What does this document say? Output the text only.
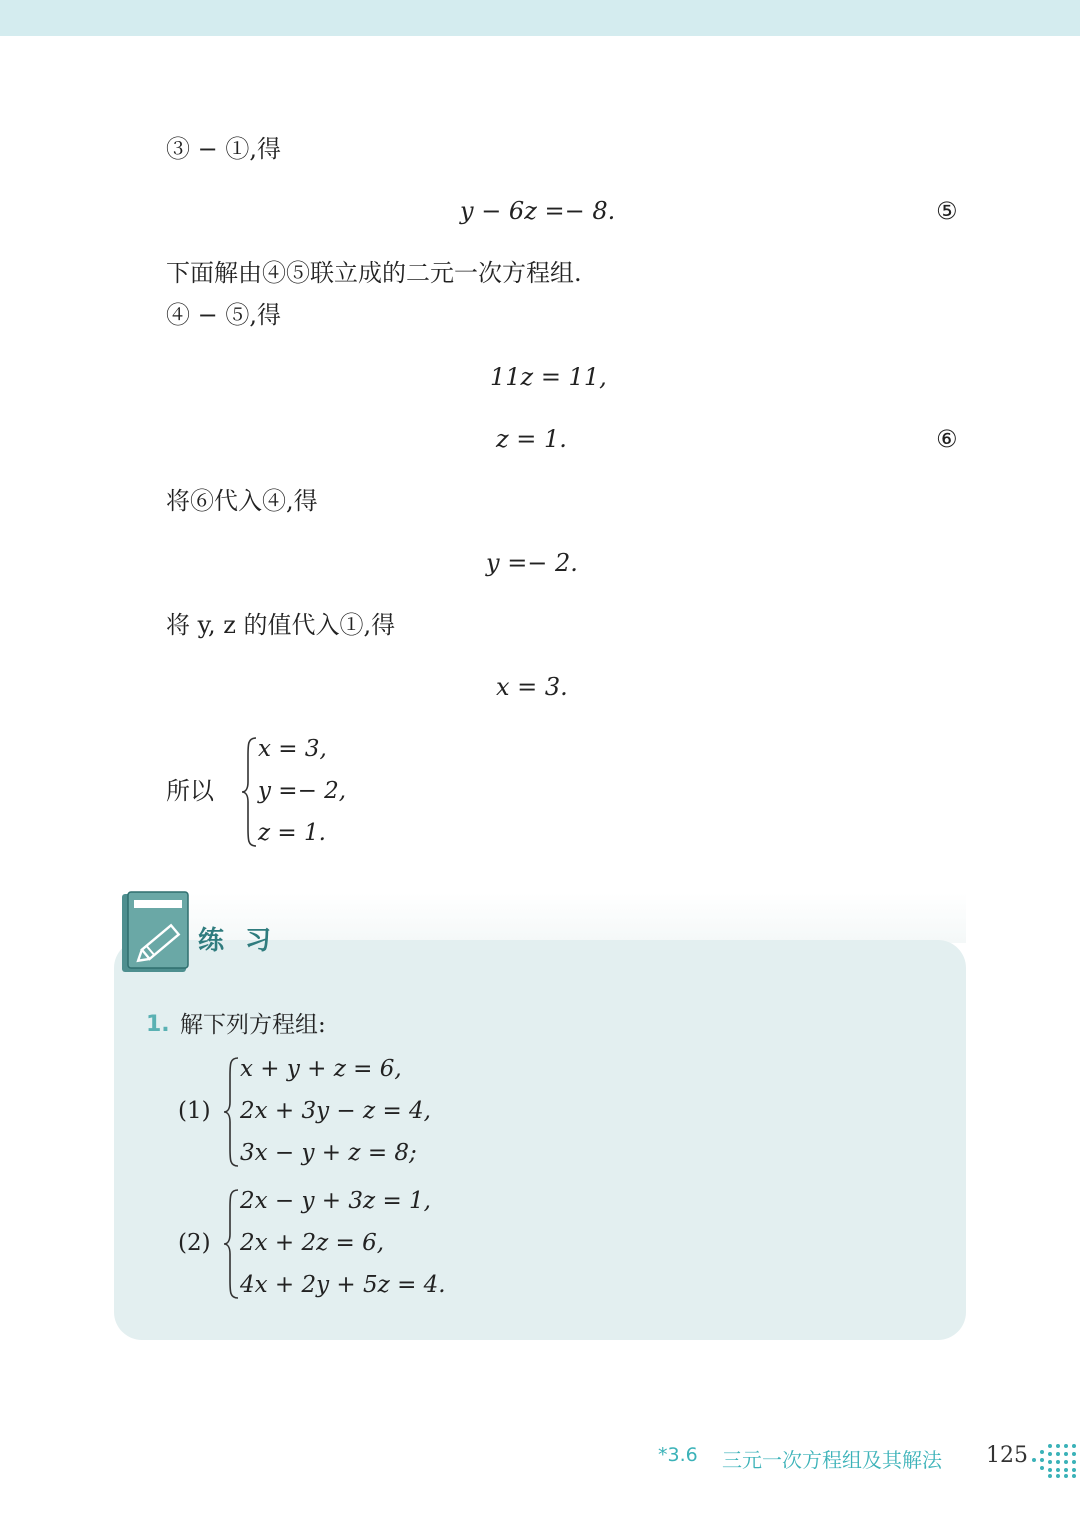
③ − ①,得
y − 6z =− 8.	⑤
下面解由④⑤联立成的二元一次方程组.
④ − ⑤,得
11z = 11,
z = 1.	⑥
将⑥代入④,得
y =− 2.
将 y, z 的值代入①,得
x = 3.
所以
x = 3,
y =− 2,
z = 1.
练 习
1. 解下列方程组:
(1)
x + y + z = 6,
2x + 3y − z = 4,
3x − y + z = 8;
(2)
2x − y + 3z = 1,
2x + 2z = 6,
4x + 2y + 5z = 4.
*3.6 三元一次方程组及其解法 125
